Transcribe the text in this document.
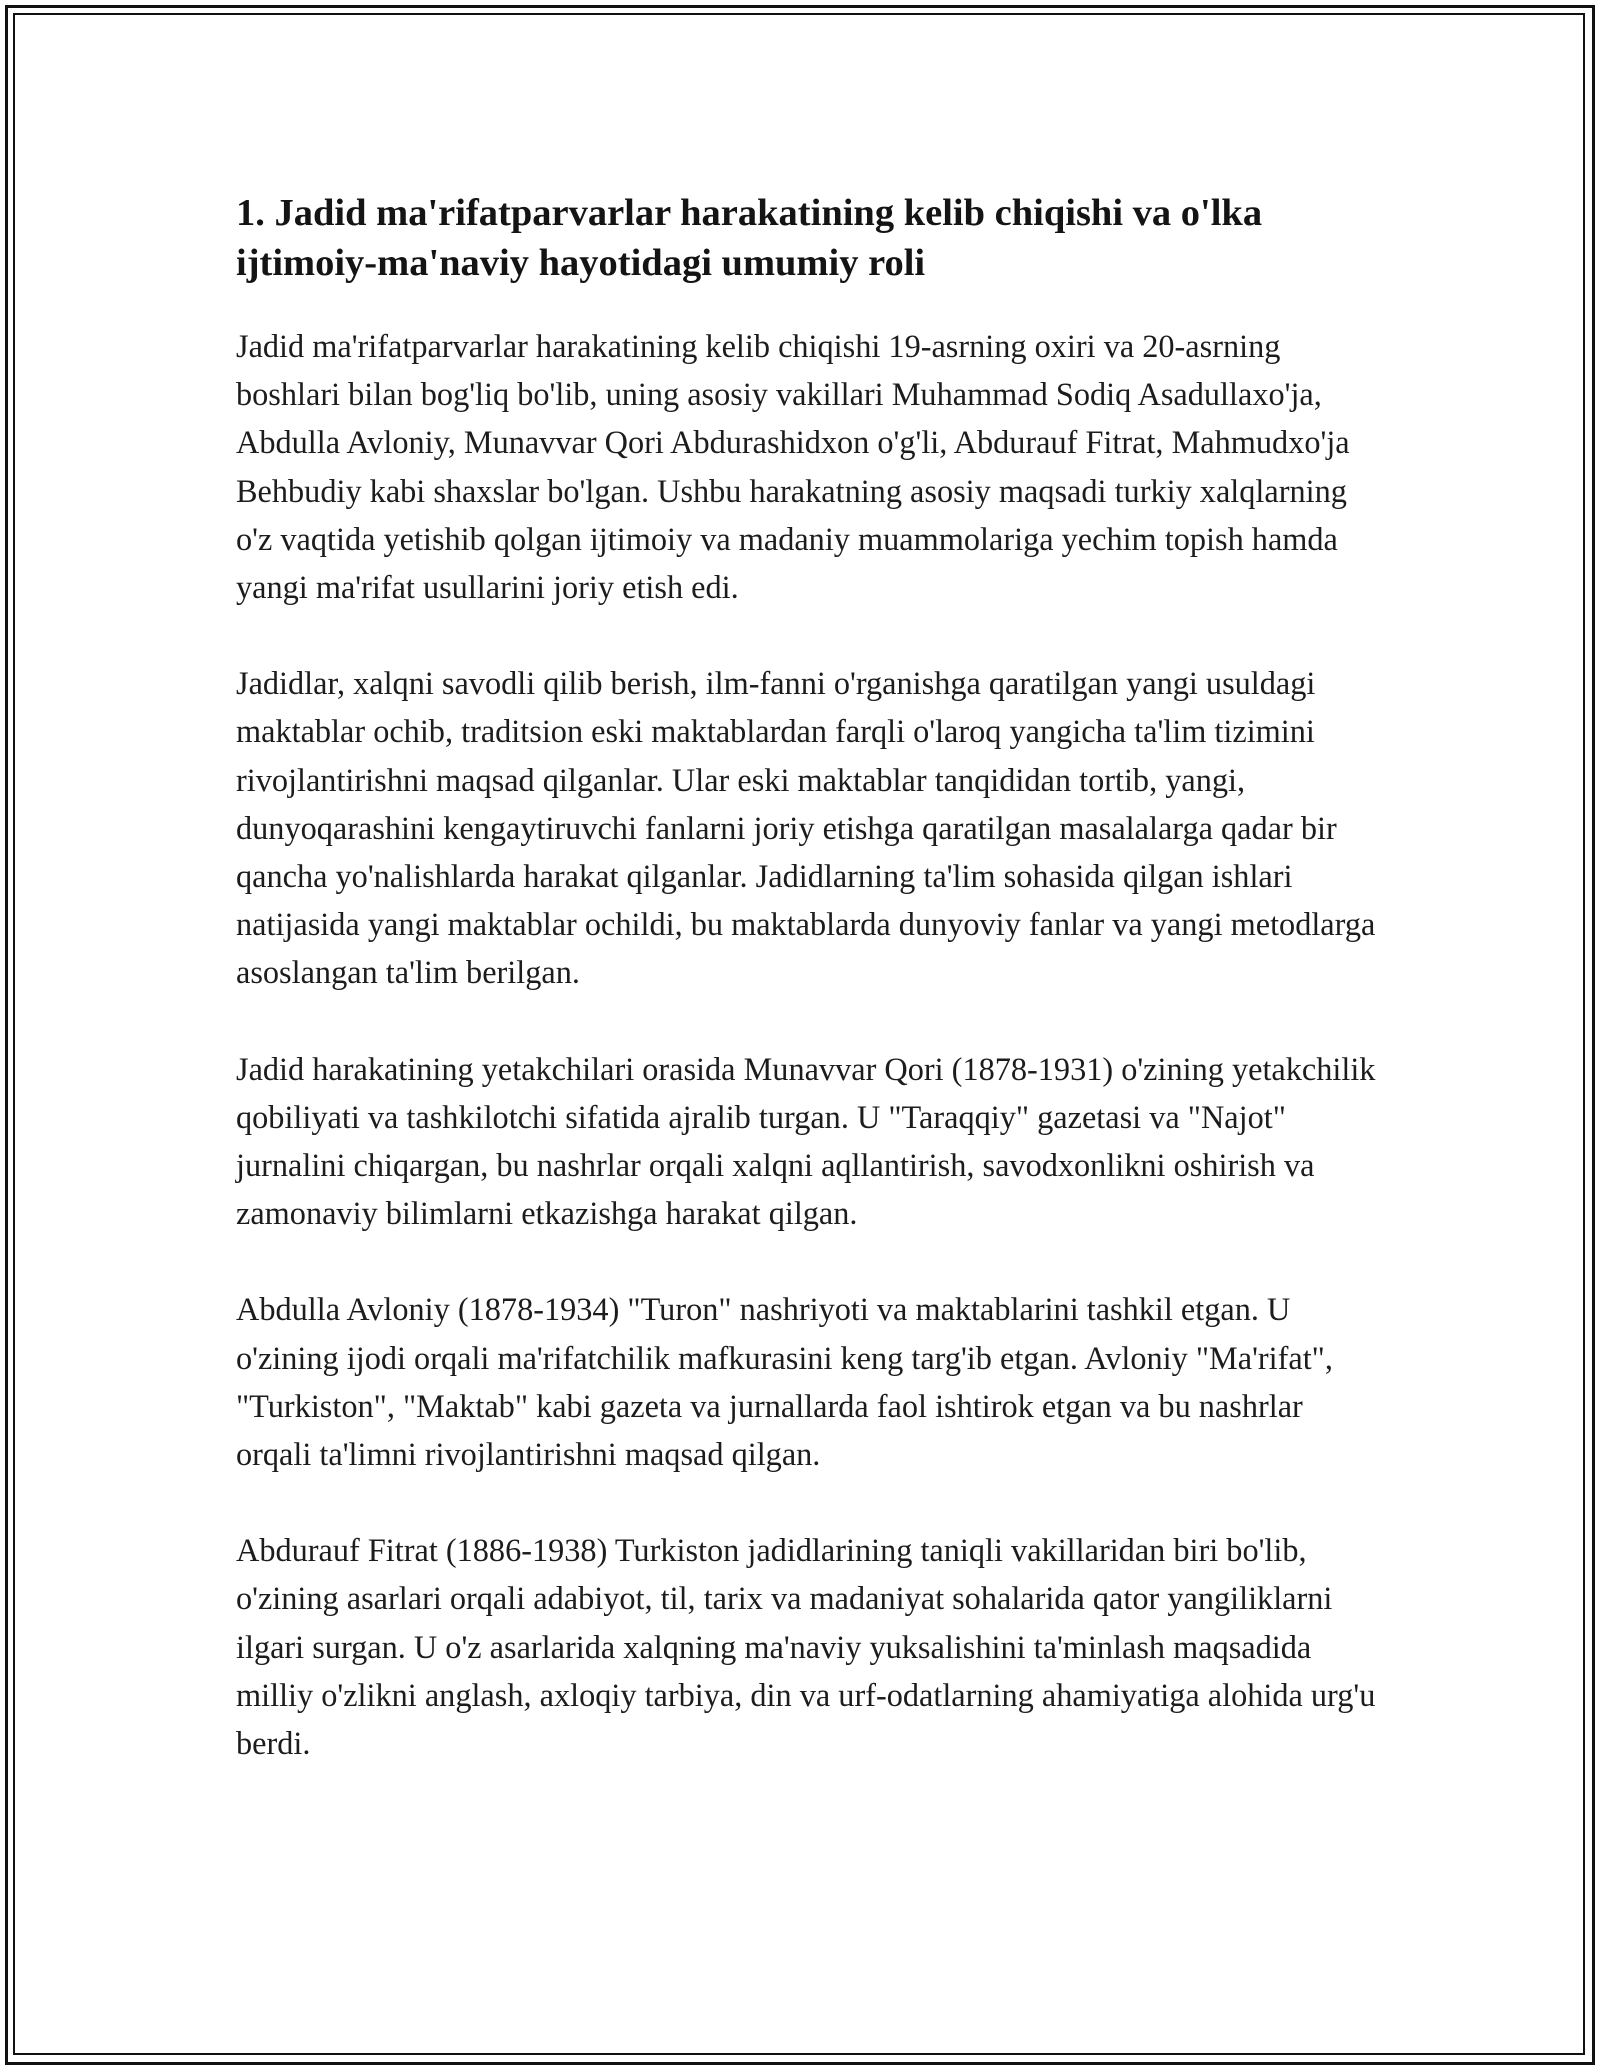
1. Jadid ma'rifatparvarlar harakatining kelib chiqishi va o'lka ijtimoiy-ma'naviy hayotidagi umumiy roli

Jadid ma'rifatparvarlar harakatining kelib chiqishi 19-asrning oxiri va 20-asrning boshlari bilan bog'liq bo'lib, uning asosiy vakillari Muhammad Sodiq Asadullaxo'ja, Abdulla Avloniy, Munavvar Qori Abdurashidxon o'g'li, Abdurauf Fitrat, Mahmudxo'ja Behbudiy kabi shaxslar bo'lgan. Ushbu harakatning asosiy maqsadi turkiy xalqlarning o'z vaqtida yetishib qolgan ijtimoiy va madaniy muammolariga yechim topish hamda yangi ma'rifat usullarini joriy etish edi.

Jadidlar, xalqni savodli qilib berish, ilm-fanni o'rganishga qaratilgan yangi usuldagi maktablar ochib, traditsion eski maktablardan farqli o'laroq yangicha ta'lim tizimini rivojlantirishni maqsad qilganlar. Ular eski maktablar tanqididan tortib, yangi, dunyoqarashini kengaytiruvchi fanlarni joriy etishga qaratilgan masalalarga qadar bir qancha yo'nalishlarda harakat qilganlar. Jadidlarning ta'lim sohasida qilgan ishlari natijasida yangi maktablar ochildi, bu maktablarda dunyoviy fanlar va yangi metodlarga asoslangan ta'lim berilgan.

Jadid harakatining yetakchilari orasida Munavvar Qori (1878-1931) o'zining yetakchilik qobiliyati va tashkilotchi sifatida ajralib turgan. U "Taraqqiy" gazetasi va "Najot" jurnalini chiqargan, bu nashrlar orqali xalqni aqllantirish, savodxonlikni oshirish va zamonaviy bilimlarni etkazishga harakat qilgan.

Abdulla Avloniy (1878-1934) "Turon" nashriyoti va maktablarini tashkil etgan. U o'zining ijodi orqali ma'rifatchilik mafkurasini keng targ'ib etgan. Avloniy "Ma'rifat", "Turkiston", "Maktab" kabi gazeta va jurnallarda faol ishtirok etgan va bu nashrlar orqali ta'limni rivojlantirishni maqsad qilgan.

Abdurauf Fitrat (1886-1938) Turkiston jadidlarining taniqli vakillaridan biri bo'lib, o'zining asarlari orqali adabiyot, til, tarix va madaniyat sohalarida qator yangiliklarni ilgari surgan. U o'z asarlarida xalqning ma'naviy yuksalishini ta'minlash maqsadida milliy o'zlikni anglash, axloqiy tarbiya, din va urf-odatlarning ahamiyatiga alohida urg'u berdi.
